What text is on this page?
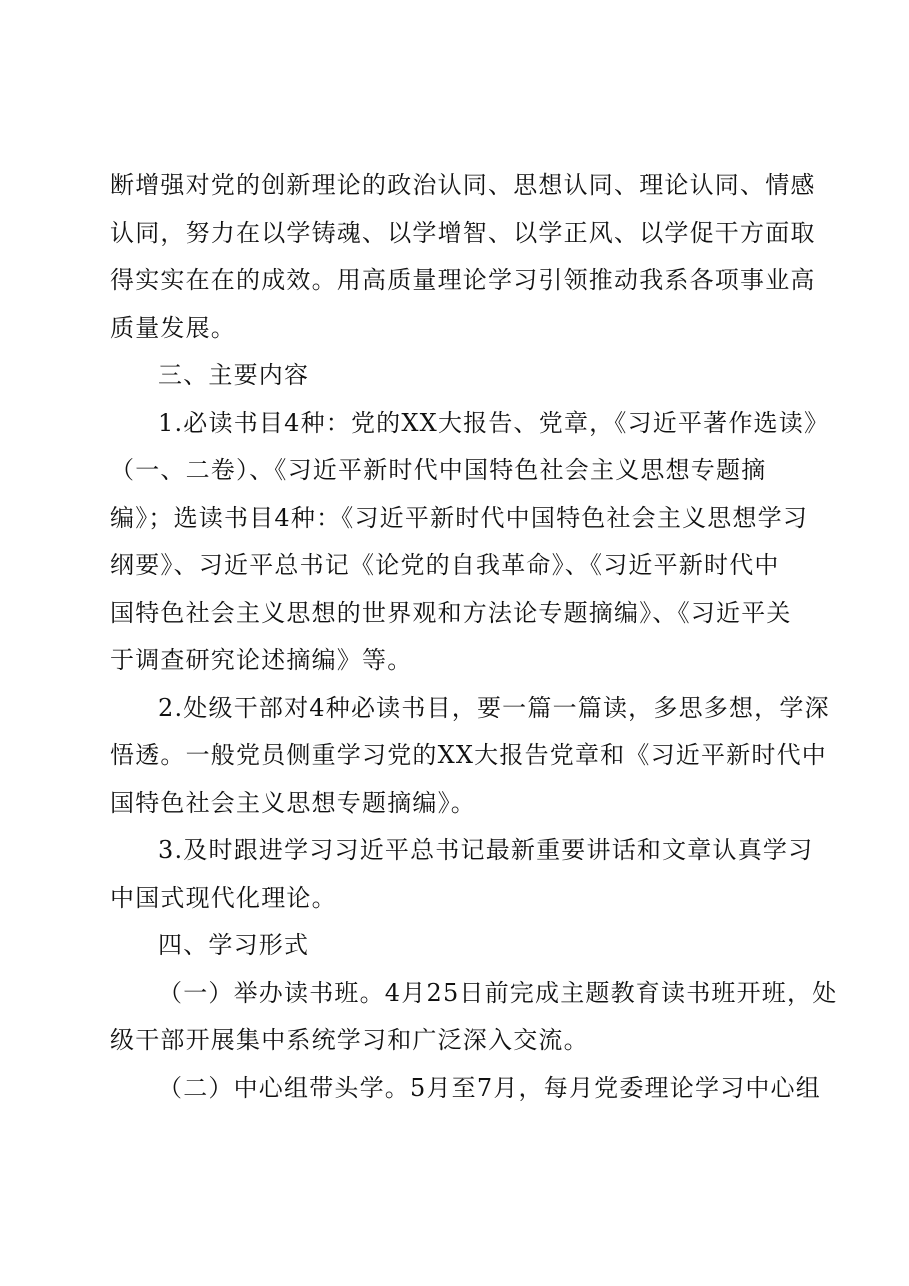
断增强对党的创新理论的政治认同、思想认同、理论认同、情感
认同，努力在以学铸魂、以学增智、以学正风、以学促干方面取
得实实在在的成效。用高质量理论学习引领推动我系各项事业高
质量发展。
三、主要内容
1.必读书目4种：党的XX大报告、党章，《习近平著作选读》
（一、二卷）、《习近平新时代中国特色社会主义思想专题摘
编》；选读书目4种：《习近平新时代中国特色社会主义思想学习
纲要》、习近平总书记《论党的自我革命》、《习近平新时代中
国特色社会主义思想的世界观和方法论专题摘编》、《习近平关
于调查研究论述摘编》等。
2.处级干部对4种必读书目，要一篇一篇读，多思多想，学深
悟透。一般党员侧重学习党的XX大报告党章和《习近平新时代中
国特色社会主义思想专题摘编》。
3.及时跟进学习习近平总书记最新重要讲话和文章认真学习
中国式现代化理论。
四、学习形式
（一）举办读书班。4月25日前完成主题教育读书班开班，处
级干部开展集中系统学习和广泛深入交流。
（二）中心组带头学。5月至7月，每月党委理论学习中心组
